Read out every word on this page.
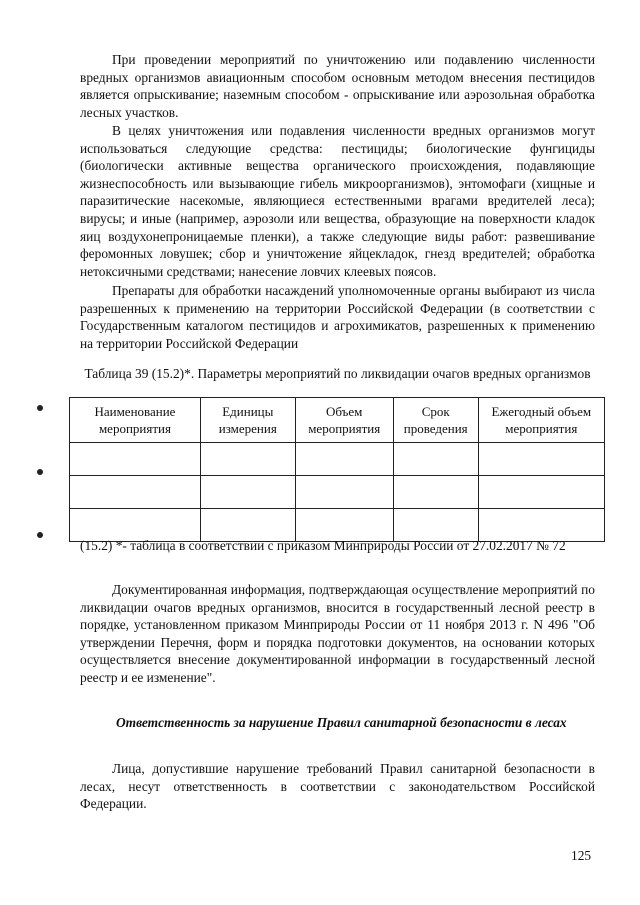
При проведении мероприятий по уничтожению или подавлению численности вредных организмов авиационным способом основным методом внесения пестицидов является опрыскивание; наземным способом - опрыскивание или аэрозольная обработка лесных участков.

В целях уничтожения или подавления численности вредных организмов могут использоваться следующие средства: пестициды; биологические фунгициды (биологически активные вещества органического происхождения, подавляющие жизнеспособность или вызывающие гибель микроорганизмов), энтомофаги (хищные и паразитические насекомые, являющиеся естественными врагами вредителей леса); вирусы; и иные (например, аэрозоли или вещества, образующие на поверхности кладок яиц воздухонепроницаемые пленки), а также следующие виды работ: развешивание феромонных ловушек; сбор и уничтожение яйцекладок, гнезд вредителей; обработка нетоксичными средствами; нанесение ловчих клеевых поясов.

Препараты для обработки насаждений уполномоченные органы выбирают из числа разрешенных к применению на территории Российской Федерации (в соответствии с Государственным каталогом пестицидов и агрохимикатов, разрешенных к применению на территории Российской Федерации

Таблица 39 (15.2)*. Параметры мероприятий по ликвидации очагов вредных организмов
Наименование мероприятия	Единицы измерения	Объем мероприятия	Срок проведения	Ежегодный объем мероприятия

(15.2) *- таблица в соответствии с приказом Минприроды России от 27.02.2017 № 72

Документированная информация, подтверждающая осуществление мероприятий по ликвидации очагов вредных организмов, вносится в государственный лесной реестр в порядке, установленном приказом Минприроды России от 11 ноября 2013 г. N 496 "Об утверждении Перечня, форм и порядка подготовки документов, на основании которых осуществляется внесение документированной информации в государственный лесной реестр и ее изменение".

Ответственность за нарушение Правил санитарной безопасности в лесах

Лица, допустившие нарушение требований Правил санитарной безопасности в лесах, несут ответственность в соответствии с законодательством Российской Федерации.

125
